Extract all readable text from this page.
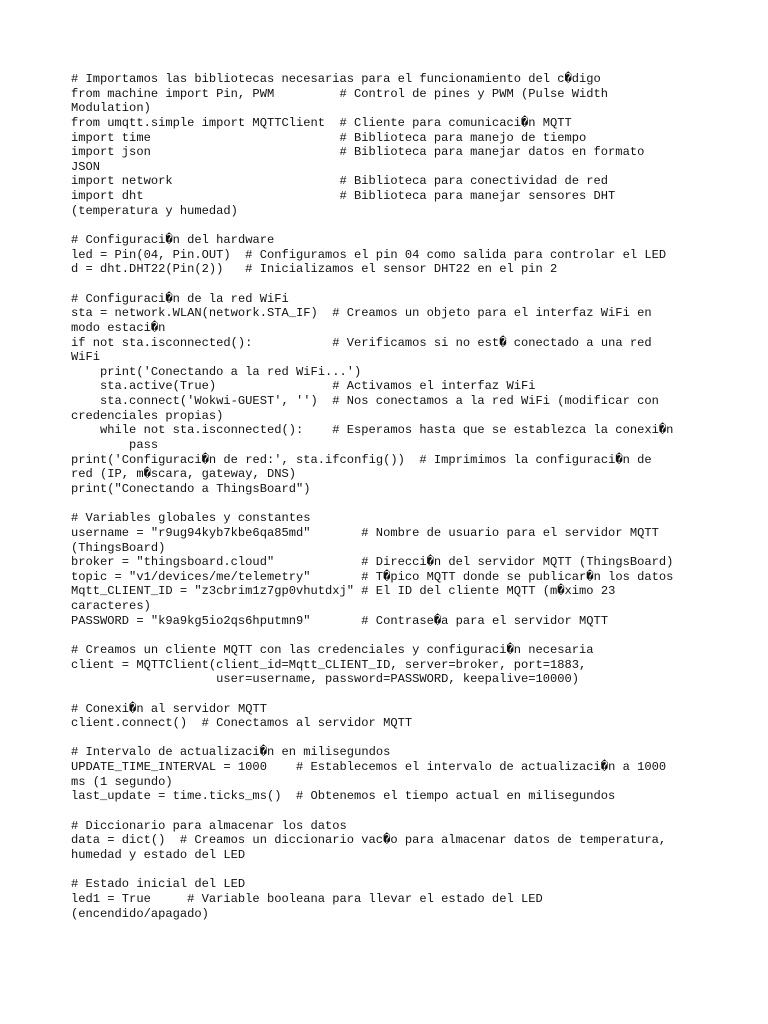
# Importamos las bibliotecas necesarias para el funcionamiento del c�digo
from machine import Pin, PWM         # Control de pines y PWM (Pulse Width
Modulation)
from umqtt.simple import MQTTClient  # Cliente para comunicaci�n MQTT
import time                          # Biblioteca para manejo de tiempo
import json                          # Biblioteca para manejar datos en formato
JSON
import network                       # Biblioteca para conectividad de red
import dht                           # Biblioteca para manejar sensores DHT
(temperatura y humedad)
# Configuraci�n del hardware
led = Pin(04, Pin.OUT)  # Configuramos el pin 04 como salida para controlar el LED
d = dht.DHT22(Pin(2))   # Inicializamos el sensor DHT22 en el pin 2
# Configuraci�n de la red WiFi
sta = network.WLAN(network.STA_IF)  # Creamos un objeto para el interfaz WiFi en
modo estaci�n
if not sta.isconnected():           # Verificamos si no est� conectado a una red
WiFi
print('Conectando a la red WiFi...')
sta.active(True)                # Activamos el interfaz WiFi
sta.connect('Wokwi-GUEST', '')  # Nos conectamos a la red WiFi (modificar con
credenciales propias)
while not sta.isconnected():    # Esperamos hasta que se establezca la conexi�n
pass
print('Configuraci�n de red:', sta.ifconfig())  # Imprimimos la configuraci�n de
red (IP, m�scara, gateway, DNS)
print("Conectando a ThingsBoard")
# Variables globales y constantes
username = "r9ug94kyb7kbe6qa85md"       # Nombre de usuario para el servidor MQTT
(ThingsBoard)
broker = "thingsboard.cloud"            # Direcci�n del servidor MQTT (ThingsBoard)
topic = "v1/devices/me/telemetry"       # T�pico MQTT donde se publicar�n los datos
Mqtt_CLIENT_ID = "z3cbrim1z7gp0vhutdxj" # El ID del cliente MQTT (m�ximo 23
caracteres)
PASSWORD = "k9a9kg5io2qs6hputmn9"       # Contrase�a para el servidor MQTT
# Creamos un cliente MQTT con las credenciales y configuraci�n necesaria
client = MQTTClient(client_id=Mqtt_CLIENT_ID, server=broker, port=1883,
user=username, password=PASSWORD, keepalive=10000)
# Conexi�n al servidor MQTT
client.connect()  # Conectamos al servidor MQTT
# Intervalo de actualizaci�n en milisegundos
UPDATE_TIME_INTERVAL = 1000    # Establecemos el intervalo de actualizaci�n a 1000
ms (1 segundo)
last_update = time.ticks_ms()  # Obtenemos el tiempo actual en milisegundos
# Diccionario para almacenar los datos
data = dict()  # Creamos un diccionario vac�o para almacenar datos de temperatura,
humedad y estado del LED
# Estado inicial del LED
led1 = True     # Variable booleana para llevar el estado del LED
(encendido/apagado)
